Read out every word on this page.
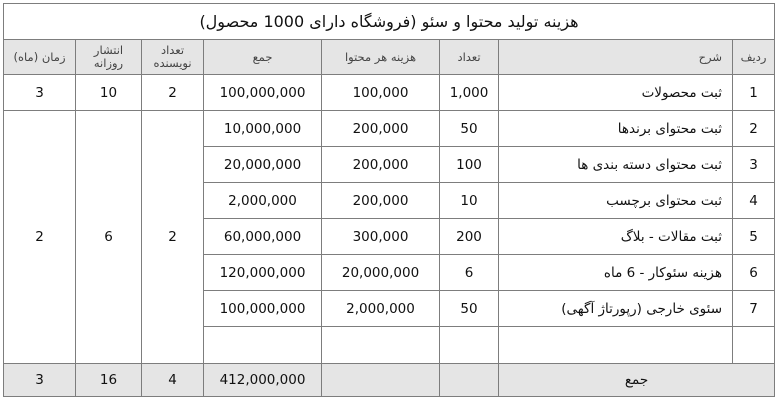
هزینه تولید محتوا و سئو (فروشگاه دارای 1000 محصول)							
ردیف	شرح	تعداد	هزینه هر محتوا	جمع	تعداد نویسنده	انتشار روزانه	زمان (ماه)
1	ثبت محصولات	1,000	100,000	100,000,000	2	10	3
2	ثبت محتوای برندها	50	200,000	10,000,000	2	6	2
3	ثبت محتوای دسته بندی ها	100	200,000	20,000,000			
4	ثبت محتوای برچسب	10	200,000	2,000,000			
5	ثبت مقالات - بلاگ	200	300,000	60,000,000			
6	هزینه سئوکار - 6 ماه	6	20,000,000	120,000,000			
7	سئوی خارجی (رپورتاژ آگهی)	50	2,000,000	100,000,000			

جمع				412,000,000	4	16	3
